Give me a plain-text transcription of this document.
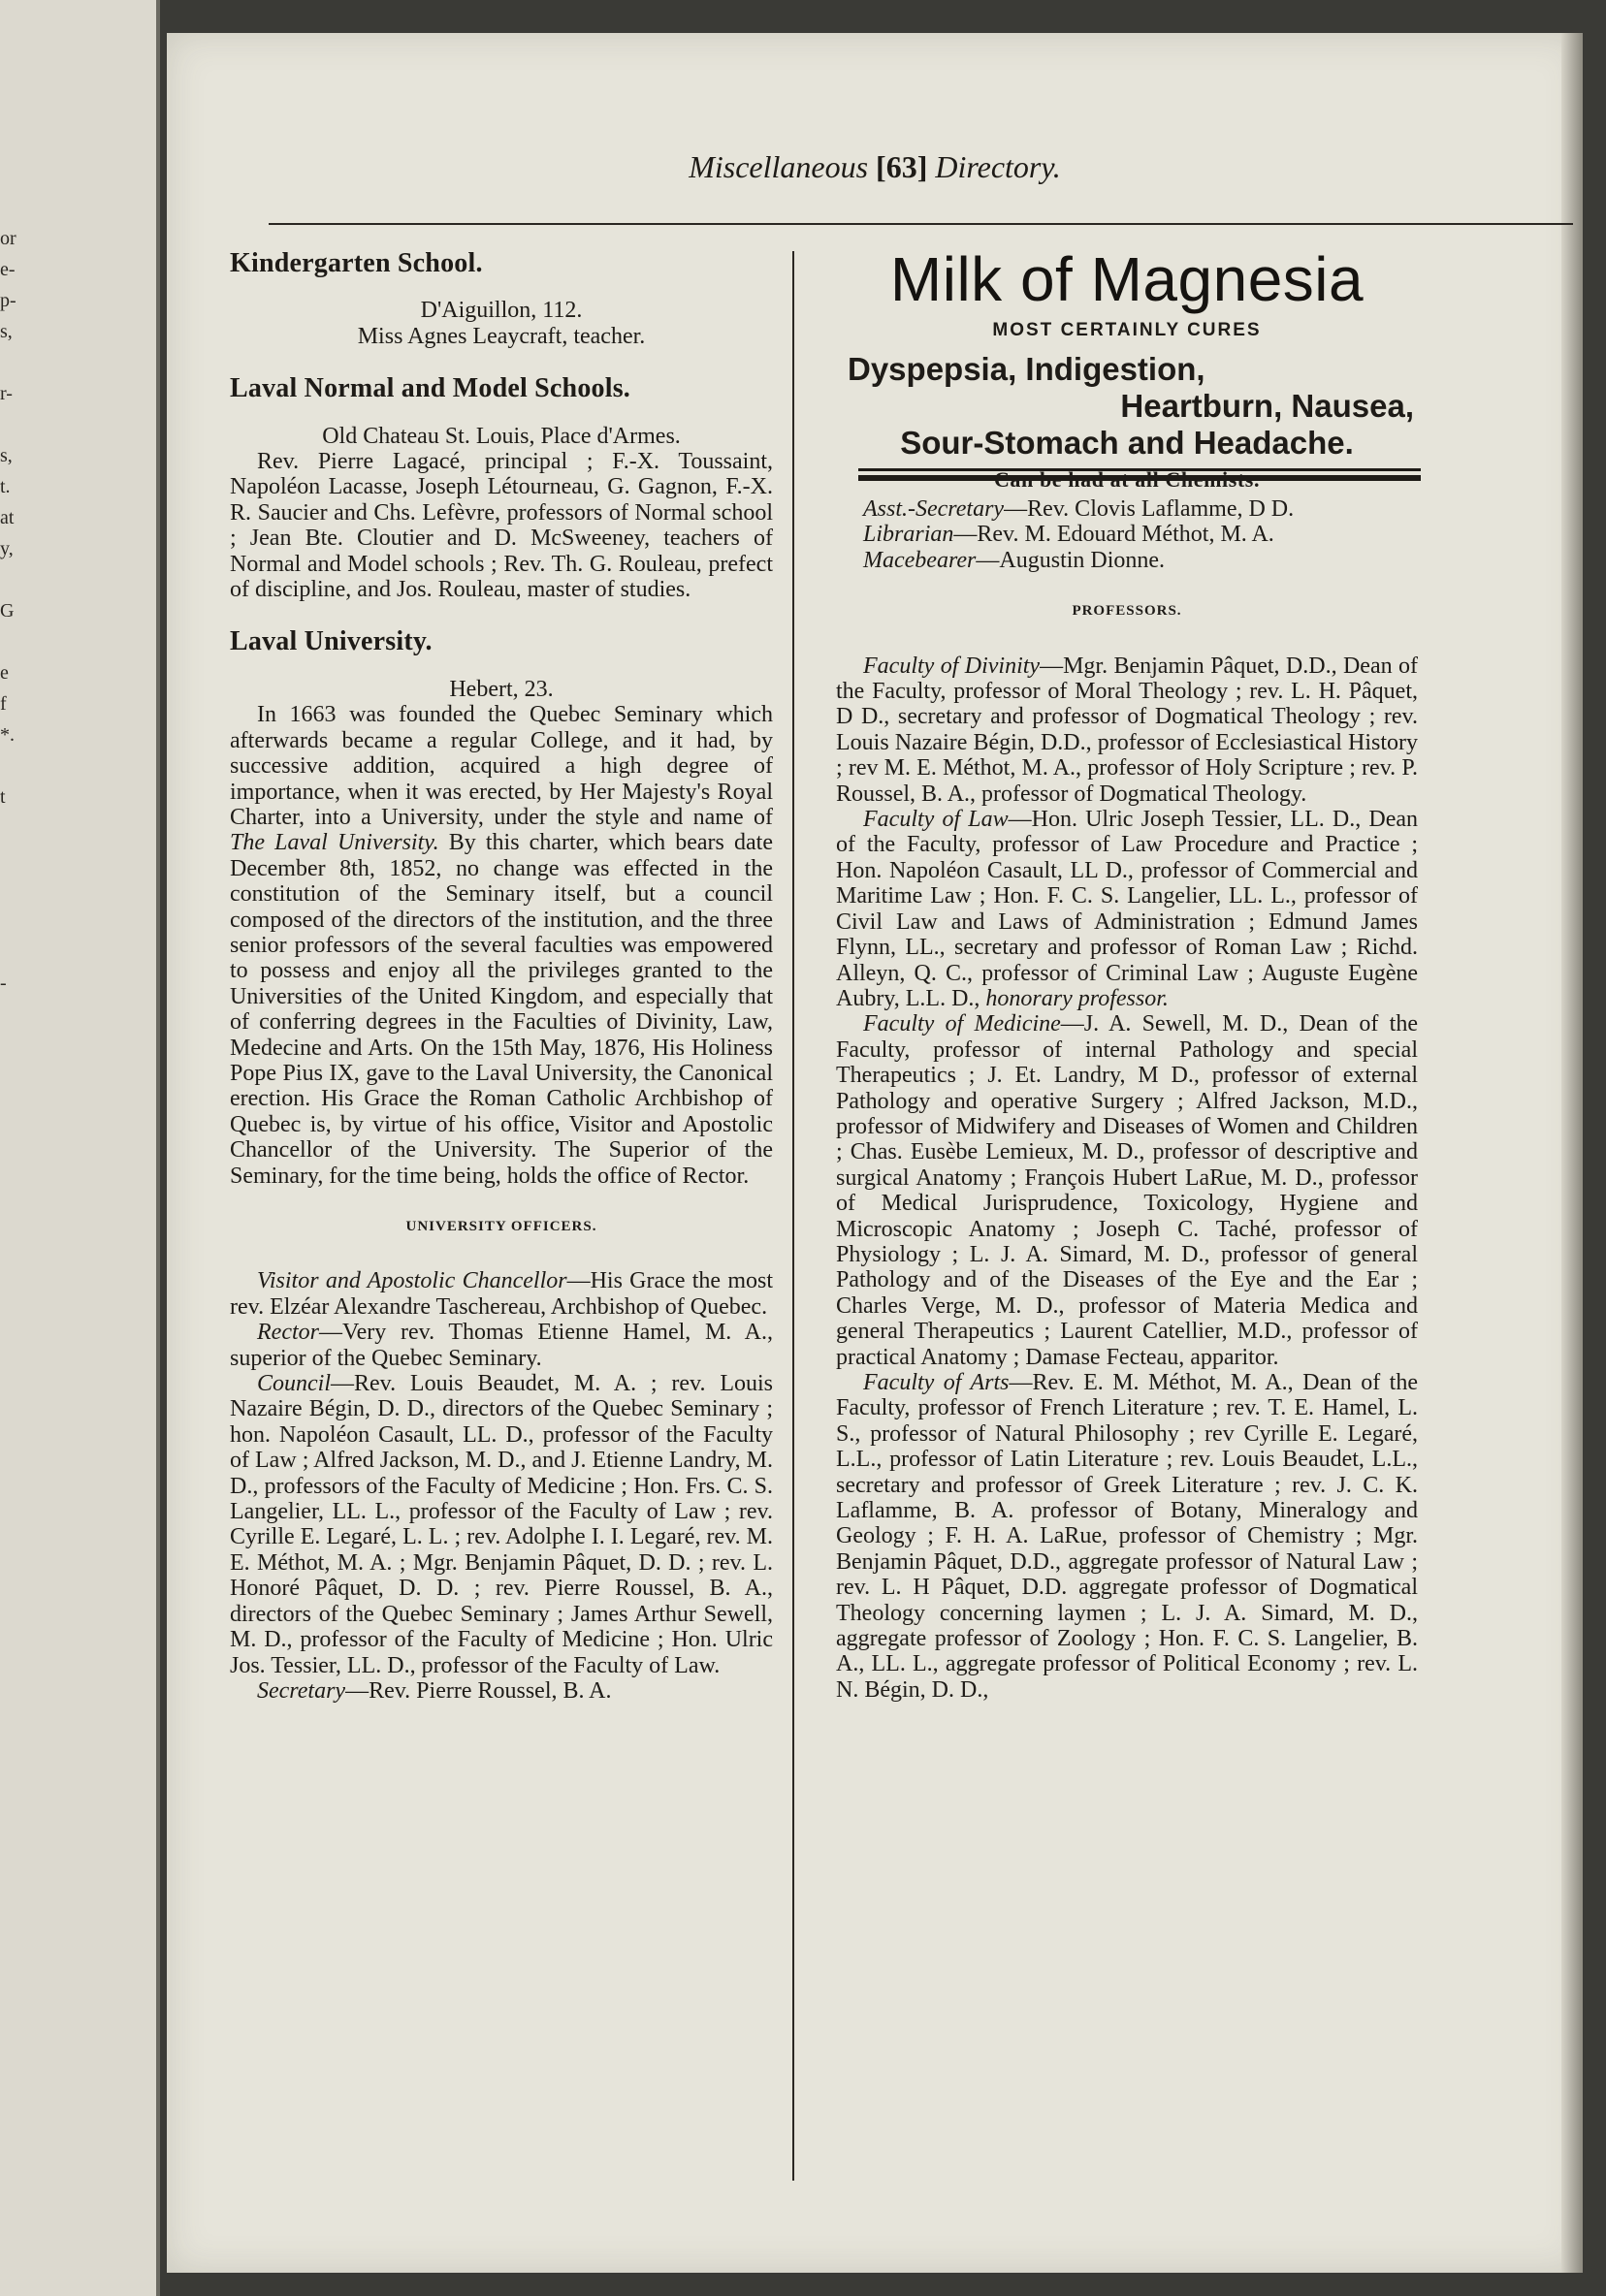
or
e-
p-
s,
r-
s,
t.
at
y,
G
e
f
*.
t
-
Miscellaneous [63] Directory.

Kindergarten School.

D'Aiguillon, 112.

Miss Agnes Leaycraft, teacher.

Laval Normal and Model Schools.

Old Chateau St. Louis, Place d'Armes.

Rev. Pierre Lagacé, principal ; F.-X. Toussaint, Napoléon Lacasse, Joseph Létourneau, G. Gagnon, F.-X. R. Saucier and Chs. Lefèvre, professors of Normal school ; Jean Bte. Cloutier and D. McSweeney, teachers of Normal and Model schools ; Rev. Th. G. Rouleau, prefect of discipline, and Jos. Rouleau, master of studies.

Laval University.

Hebert, 23.

In 1663 was founded the Quebec Seminary which afterwards became a regular College, and it had, by successive addition, acquired a high degree of importance, when it was erected, by Her Majesty's Royal Charter, into a University, under the style and name of The Laval University. By this charter, which bears date December 8th, 1852, no change was effected in the constitution of the Seminary itself, but a council composed of the directors of the institution, and the three senior professors of the several faculties was empowered to possess and enjoy all the privileges granted to the Universities of the United Kingdom, and especially that of conferring degrees in the Faculties of Divinity, Law, Medecine and Arts. On the 15th May, 1876, His Holiness Pope Pius IX, gave to the Laval University, the Canonical erection. His Grace the Roman Catholic Archbishop of Quebec is, by virtue of his office, Visitor and Apostolic Chancellor of the University. The Superior of the Seminary, for the time being, holds the office of Rector.

UNIVERSITY OFFICERS.

Visitor and Apostolic Chancellor—His Grace the most rev. Elzéar Alexandre Taschereau, Archbishop of Quebec.

Rector—Very rev. Thomas Etienne Hamel, M. A., superior of the Quebec Seminary.

Council—Rev. Louis Beaudet, M. A. ; rev. Louis Nazaire Bégin, D. D., directors of the Quebec Seminary ; hon. Napoléon Casault, LL. D., professor of the Faculty of Law ; Alfred Jackson, M. D., and J. Etienne Landry, M. D., professors of the Faculty of Medicine ; Hon. Frs. C. S. Langelier, LL. L., professor of the Faculty of Law ; rev. Cyrille E. Legaré, L. L. ; rev. Adolphe I. I. Legaré, rev. M. E. Méthot, M. A. ; Mgr. Benjamin Pâquet, D. D. ; rev. L. Honoré Pâquet, D. D. ; rev. Pierre Roussel, B. A., directors of the Quebec Seminary ; James Arthur Sewell, M. D., professor of the Faculty of Medicine ; Hon. Ulric Jos. Tessier, LL. D., professor of the Faculty of Law.

Secretary—Rev. Pierre Roussel, B. A.

Milk of Magnesia
MOST CERTAINLY CURES
Dyspepsia, Indigestion,
Heartburn, Nausea,
Sour-Stomach and Headache.

Asst.-Secretary—Rev. Clovis Laflamme, D D.

Librarian—Rev. M. Edouard Méthot, M. A.

Macebearer—Augustin Dionne.

PROFESSORS.

Faculty of Divinity—Mgr. Benjamin Pâquet, D.D., Dean of the Faculty, professor of Moral Theology ; rev. L. H. Pâquet, D D., secretary and professor of Dogmatical Theology ; rev. Louis Nazaire Bégin, D.D., professor of Ecclesiastical History ; rev M. E. Méthot, M. A., professor of Holy Scripture ; rev. P. Roussel, B. A., professor of Dogmatical Theology.

Faculty of Law—Hon. Ulric Joseph Tessier, LL. D., Dean of the Faculty, professor of Law Procedure and Practice ; Hon. Napoléon Casault, LL D., professor of Commercial and Maritime Law ; Hon. F. C. S. Langelier, LL. L., professor of Civil Law and Laws of Administration ; Edmund James Flynn, LL., secretary and professor of Roman Law ; Richd. Alleyn, Q. C., professor of Criminal Law ; Auguste Eugène Aubry, L.L. D., honorary professor.

Faculty of Medicine—J. A. Sewell, M. D., Dean of the Faculty, professor of internal Pathology and special Therapeutics ; J. Et. Landry, M D., professor of external Pathology and operative Surgery ; Alfred Jackson, M.D., professor of Midwifery and Diseases of Women and Children ; Chas. Eusèbe Lemieux, M. D., professor of descriptive and surgical Anatomy ; François Hubert LaRue, M. D., professor of Medical Jurisprudence, Toxicology, Hygiene and Microscopic Anatomy ; Joseph C. Taché, professor of Physiology ; L. J. A. Simard, M. D., professor of general Pathology and of the Diseases of the Eye and the Ear ; Charles Verge, M. D., professor of Materia Medica and general Therapeutics ; Laurent Catellier, M.D., professor of practical Anatomy ; Damase Fecteau, apparitor.

Faculty of Arts—Rev. E. M. Méthot, M. A., Dean of the Faculty, professor of French Literature ; rev. T. E. Hamel, L. S., professor of Natural Philosophy ; rev Cyrille E. Legaré, L.L., professor of Latin Literature ; rev. Louis Beaudet, L.L., secretary and professor of Greek Literature ; rev. J. C. K. Laflamme, B. A. professor of Botany, Mineralogy and Geology ; F. H. A. LaRue, professor of Chemistry ; Mgr. Benjamin Pâquet, D.D., aggregate professor of Natural Law ; rev. L. H Pâquet, D.D. aggregate professor of Dogmatical Theology concerning laymen ; L. J. A. Simard, M. D., aggregate professor of Zoology ; Hon. F. C. S. Langelier, B. A., LL. L., aggregate professor of Political Economy ; rev. L. N. Bégin, D. D.,
